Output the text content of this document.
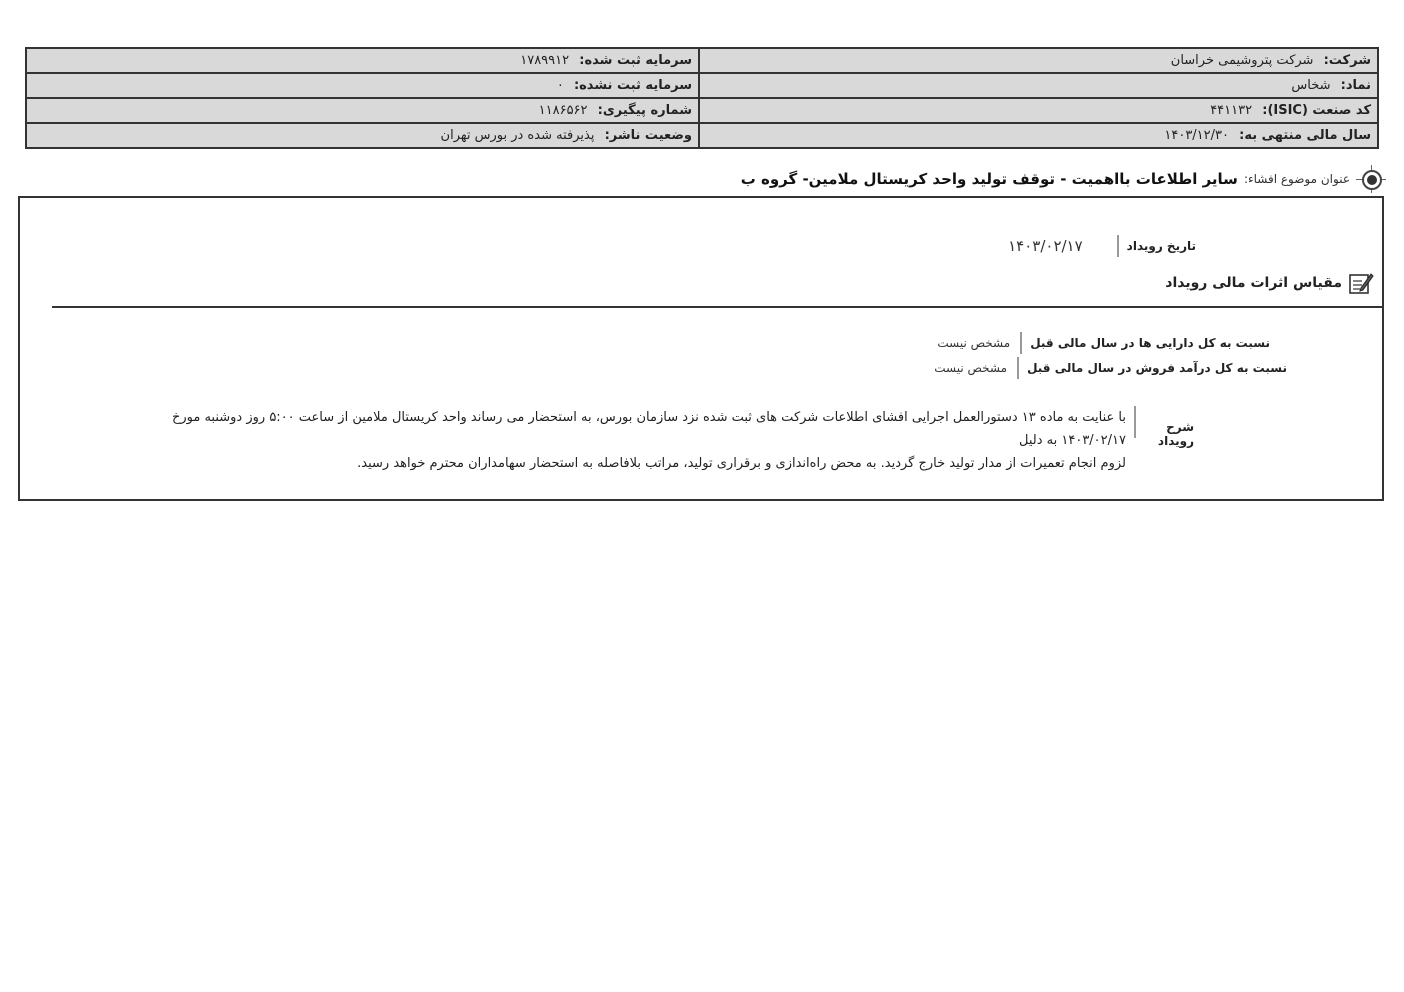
شرکت: شرکت پتروشیمی خراسان	سرمایه ثبت شده: ۱۷۸۹۹۱۲
نماد: شخاس	سرمایه ثبت نشده: ۰
کد صنعت (ISIC): ۴۴۱۱۳۲	شماره پیگیری: ۱۱۸۶۵۶۲
سال مالی منتهی به: ۱۴۰۳/۱۲/۳۰	وضعیت ناشر: پذیرفته شده در بورس تهران
عنوان موضوع افشاء:
سایر اطلاعات بااهمیت - توقف تولید واحد کریستال ملامین- گروه ب
تاریخ رویداد
۱۴۰۳/۰۲/۱۷
مقیاس اثرات مالی رویداد
نسبت به کل دارایی ها در سال مالی قبل
مشخص نیست
نسبت به کل درآمد فروش در سال مالی قبل
مشخص نیست
شرح رویداد
با عنایت به ماده ۱۳ دستورالعمل اجرایی افشای اطلاعات شرکت های ثبت شده نزد سازمان بورس، به استحضار می رساند واحد کریستال ملامین از ساعت ۵:۰۰ روز دوشنبه مورخ ۱۴۰۳/۰۲/۱۷ به دلیل
لزوم انجام تعمیرات از مدار تولید خارج گردید. به محض راه‌اندازی و برقراری تولید، مراتب بلافاصله به استحضار سهامداران محترم خواهد رسید.
